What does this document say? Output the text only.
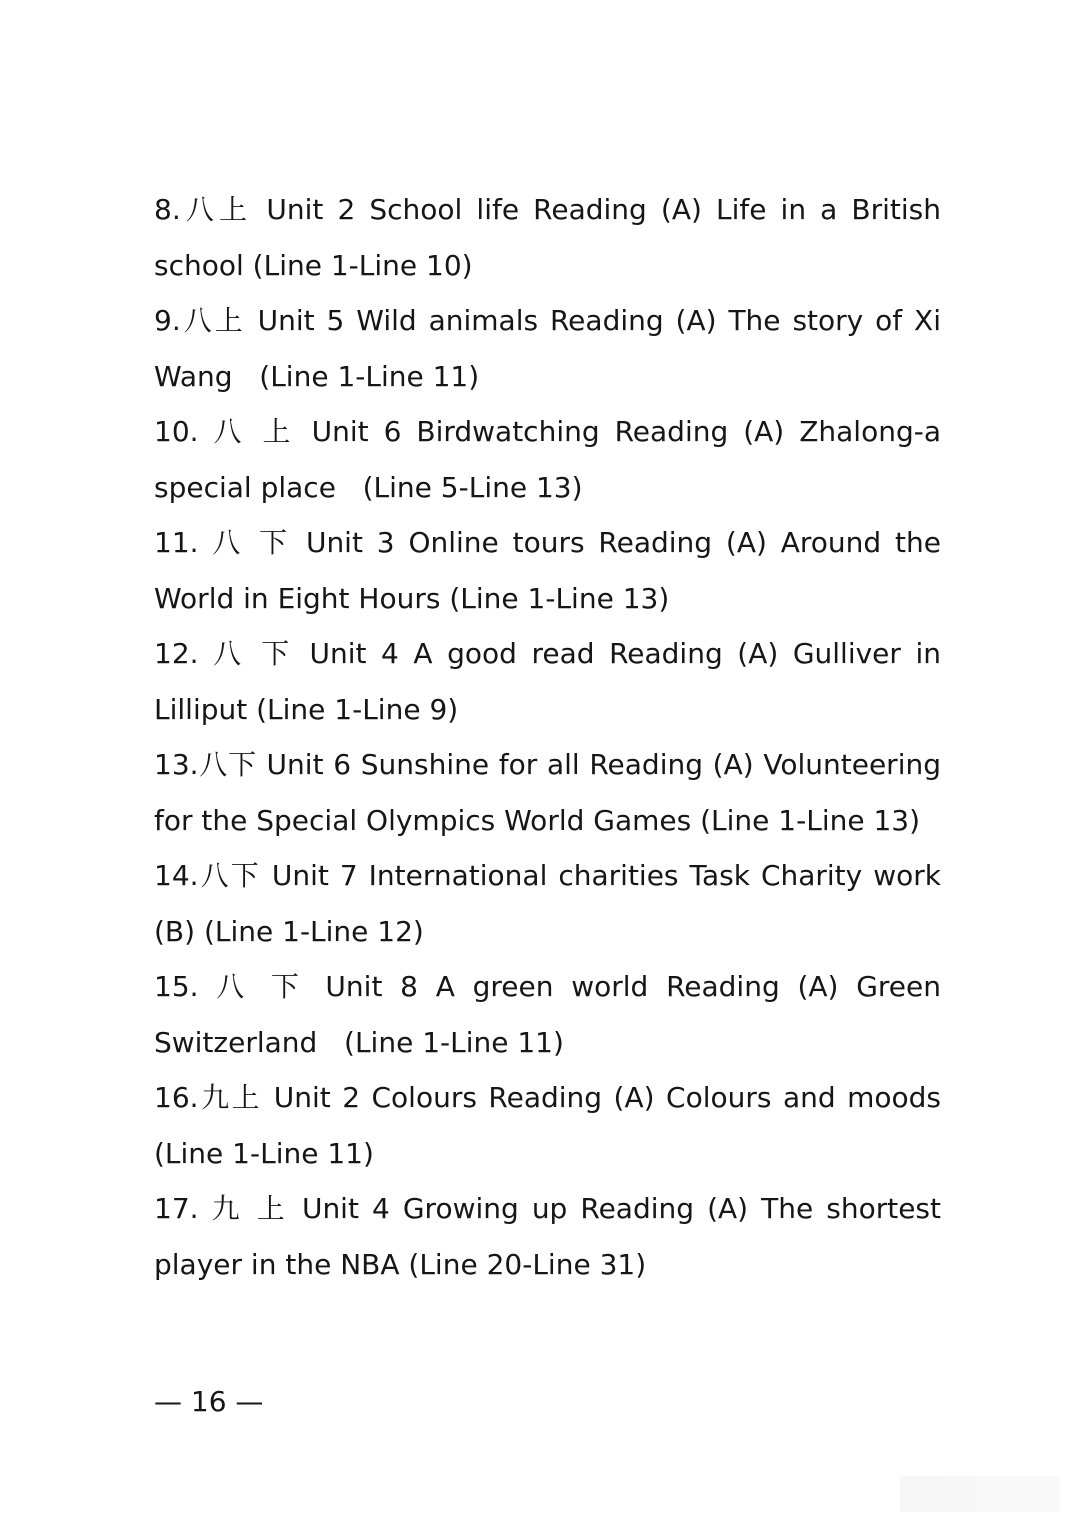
8.八上 Unit 2 School life Reading (A) Life in a British school (Line 1-Line 10)
9.八上 Unit 5 Wild animals Reading (A) The story of Xi Wang   (Line 1-Line 11)
10. 八 上 Unit 6 Birdwatching Reading (A) Zhalong-a special place   (Line 5-Line 13)
11. 八 下 Unit 3 Online tours Reading (A) Around the World in Eight Hours (Line 1-Line 13)
12. 八 下 Unit 4 A good read Reading (A) Gulliver in Lilliput (Line 1-Line 9)
13.八下 Unit 6 Sunshine for all Reading (A) Volunteering for the Special Olympics World Games (Line 1-Line 13)
14.八下 Unit 7 International charities Task Charity work (B) (Line 1-Line 12)
15. 八 下 Unit 8 A green world Reading (A) Green Switzerland   (Line 1-Line 11)
16.九上 Unit 2 Colours Reading (A) Colours and moods (Line 1-Line 11)
17. 九 上 Unit 4 Growing up Reading (A) The shortest player in the NBA (Line 20-Line 31)
— 16 —
